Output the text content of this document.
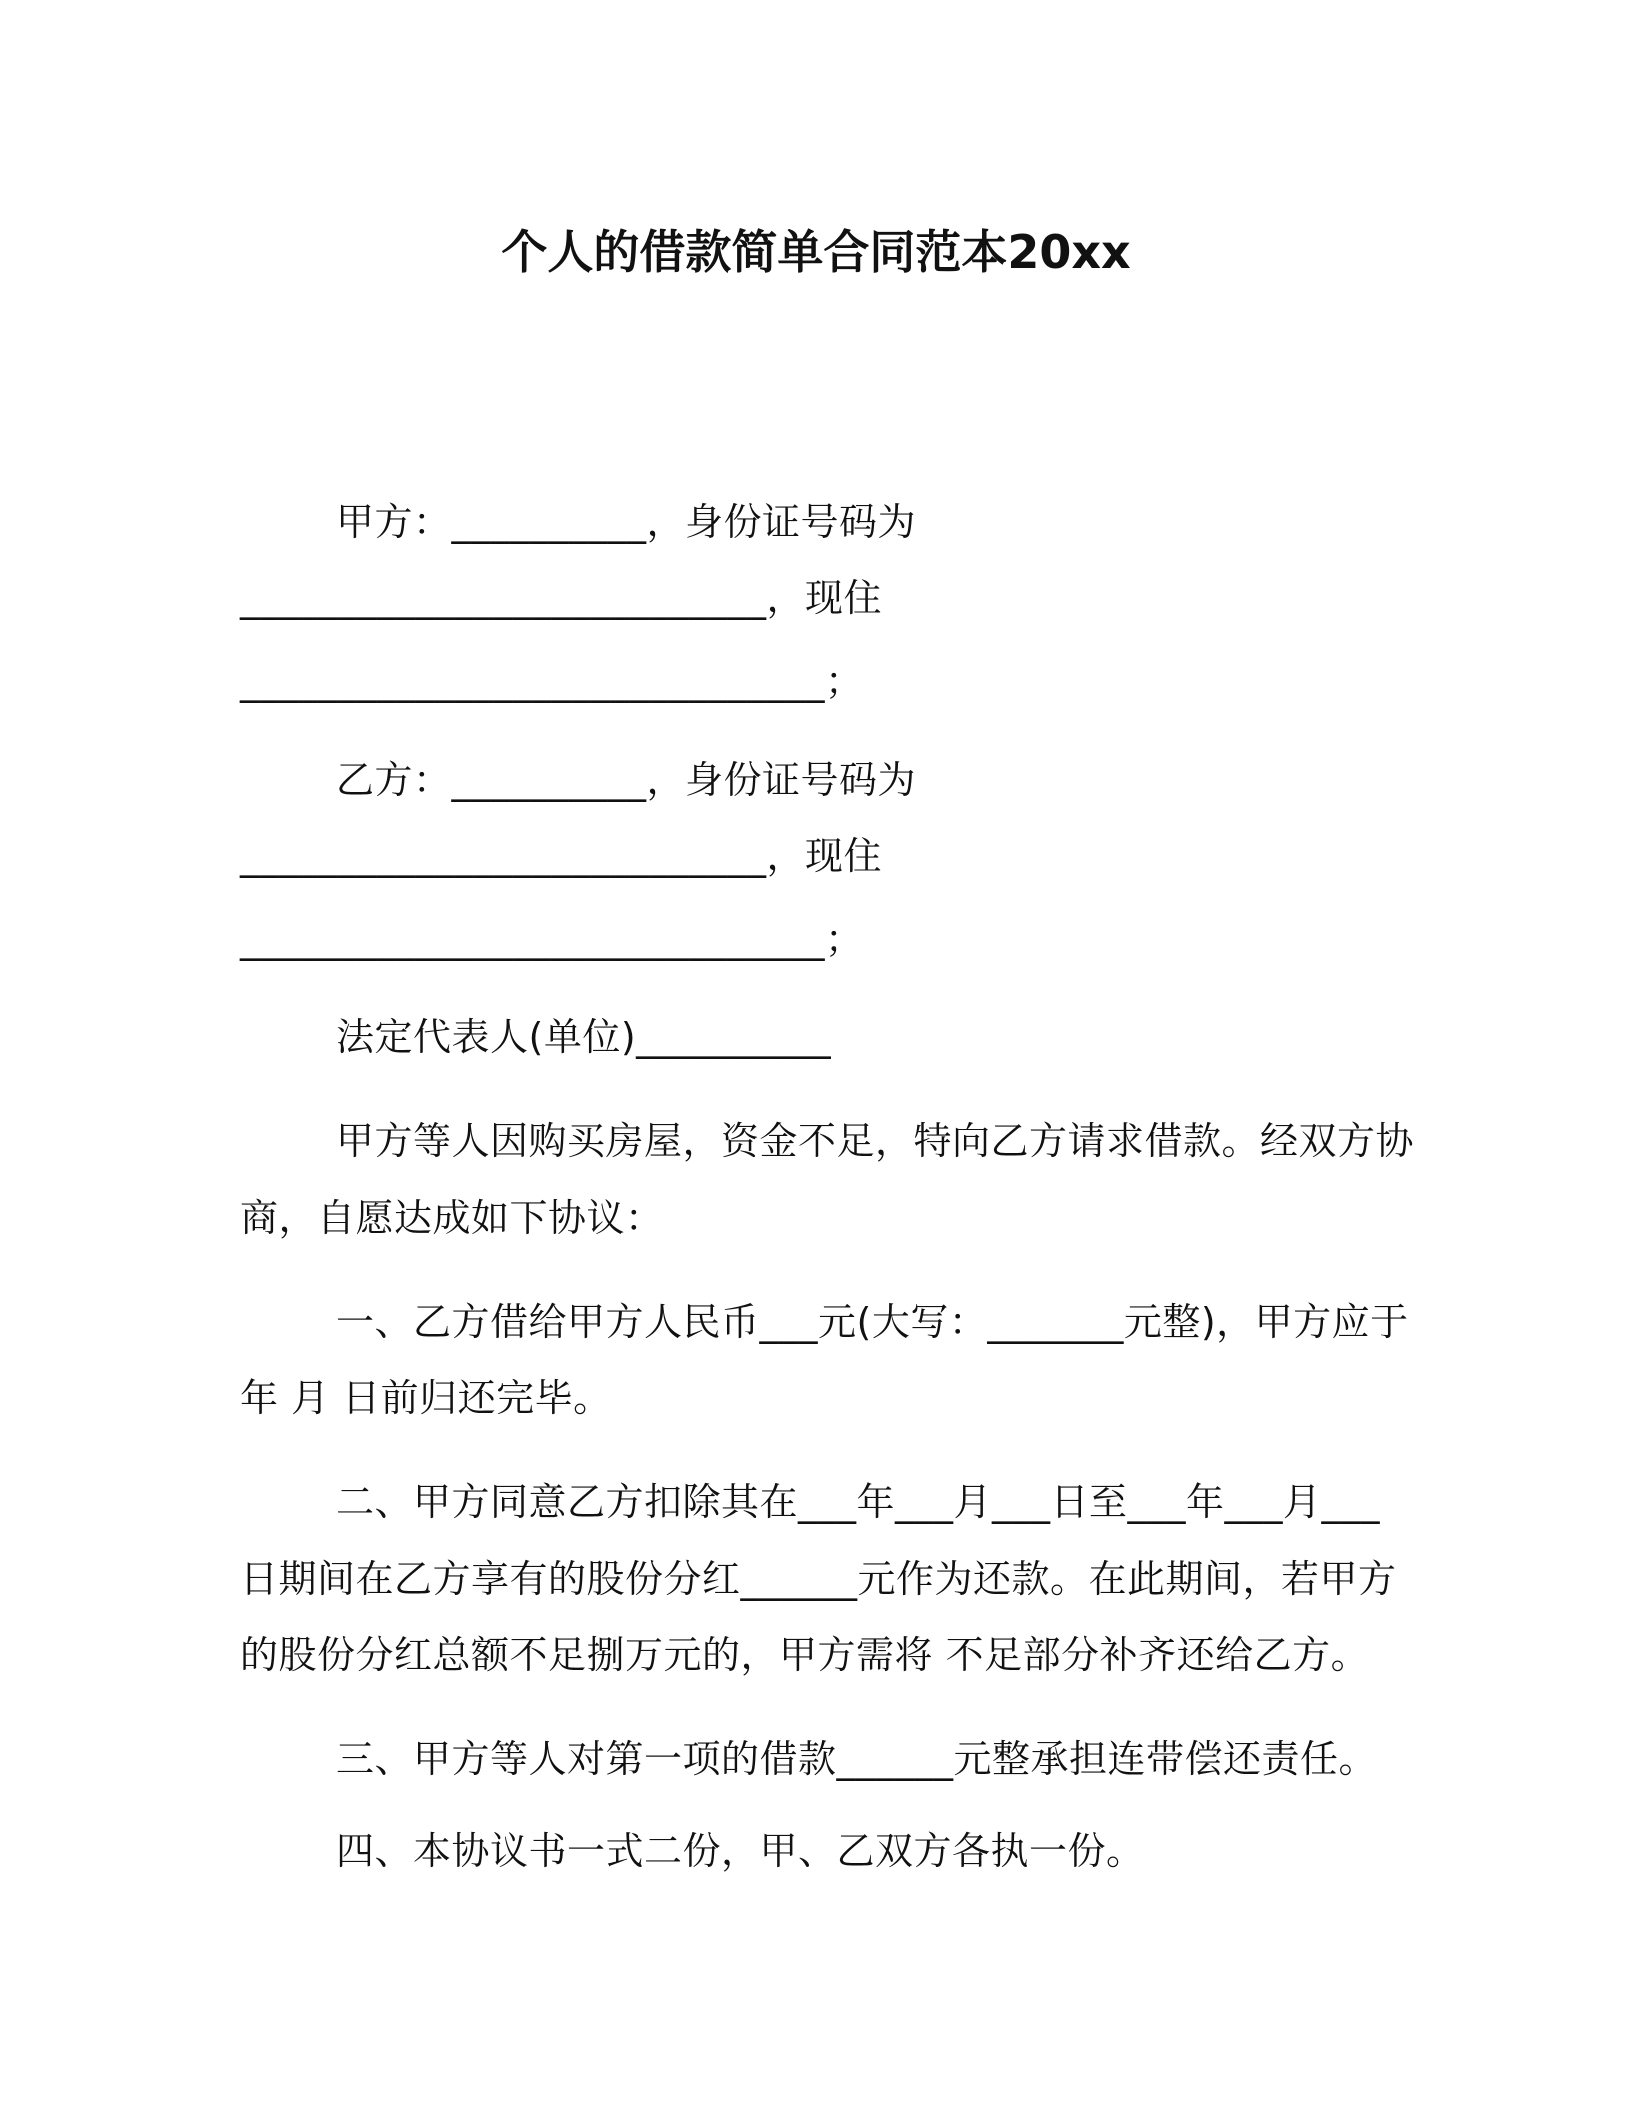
个人的借款简单合同范本20xx
甲方：__________，身份证号码为
___________________________，现住
______________________________；
乙方：__________，身份证号码为
___________________________，现住
______________________________；
法定代表人(单位)__________
甲方等人因购买房屋，资金不足，特向乙方请求借款。经双方协
商，自愿达成如下协议：
一、乙方借给甲方人民币___元(大写：_______元整)，甲方应于
年 月 日前归还完毕。
二、甲方同意乙方扣除其在___年___月___日至___年___月___
日期间在乙方享有的股份分红______元作为还款。在此期间，若甲方
的股份分红总额不足捌万元的，甲方需将 不足部分补齐还给乙方。
三、甲方等人对第一项的借款______元整承担连带偿还责任。
四、本协议书一式二份，甲、乙双方各执一份。
